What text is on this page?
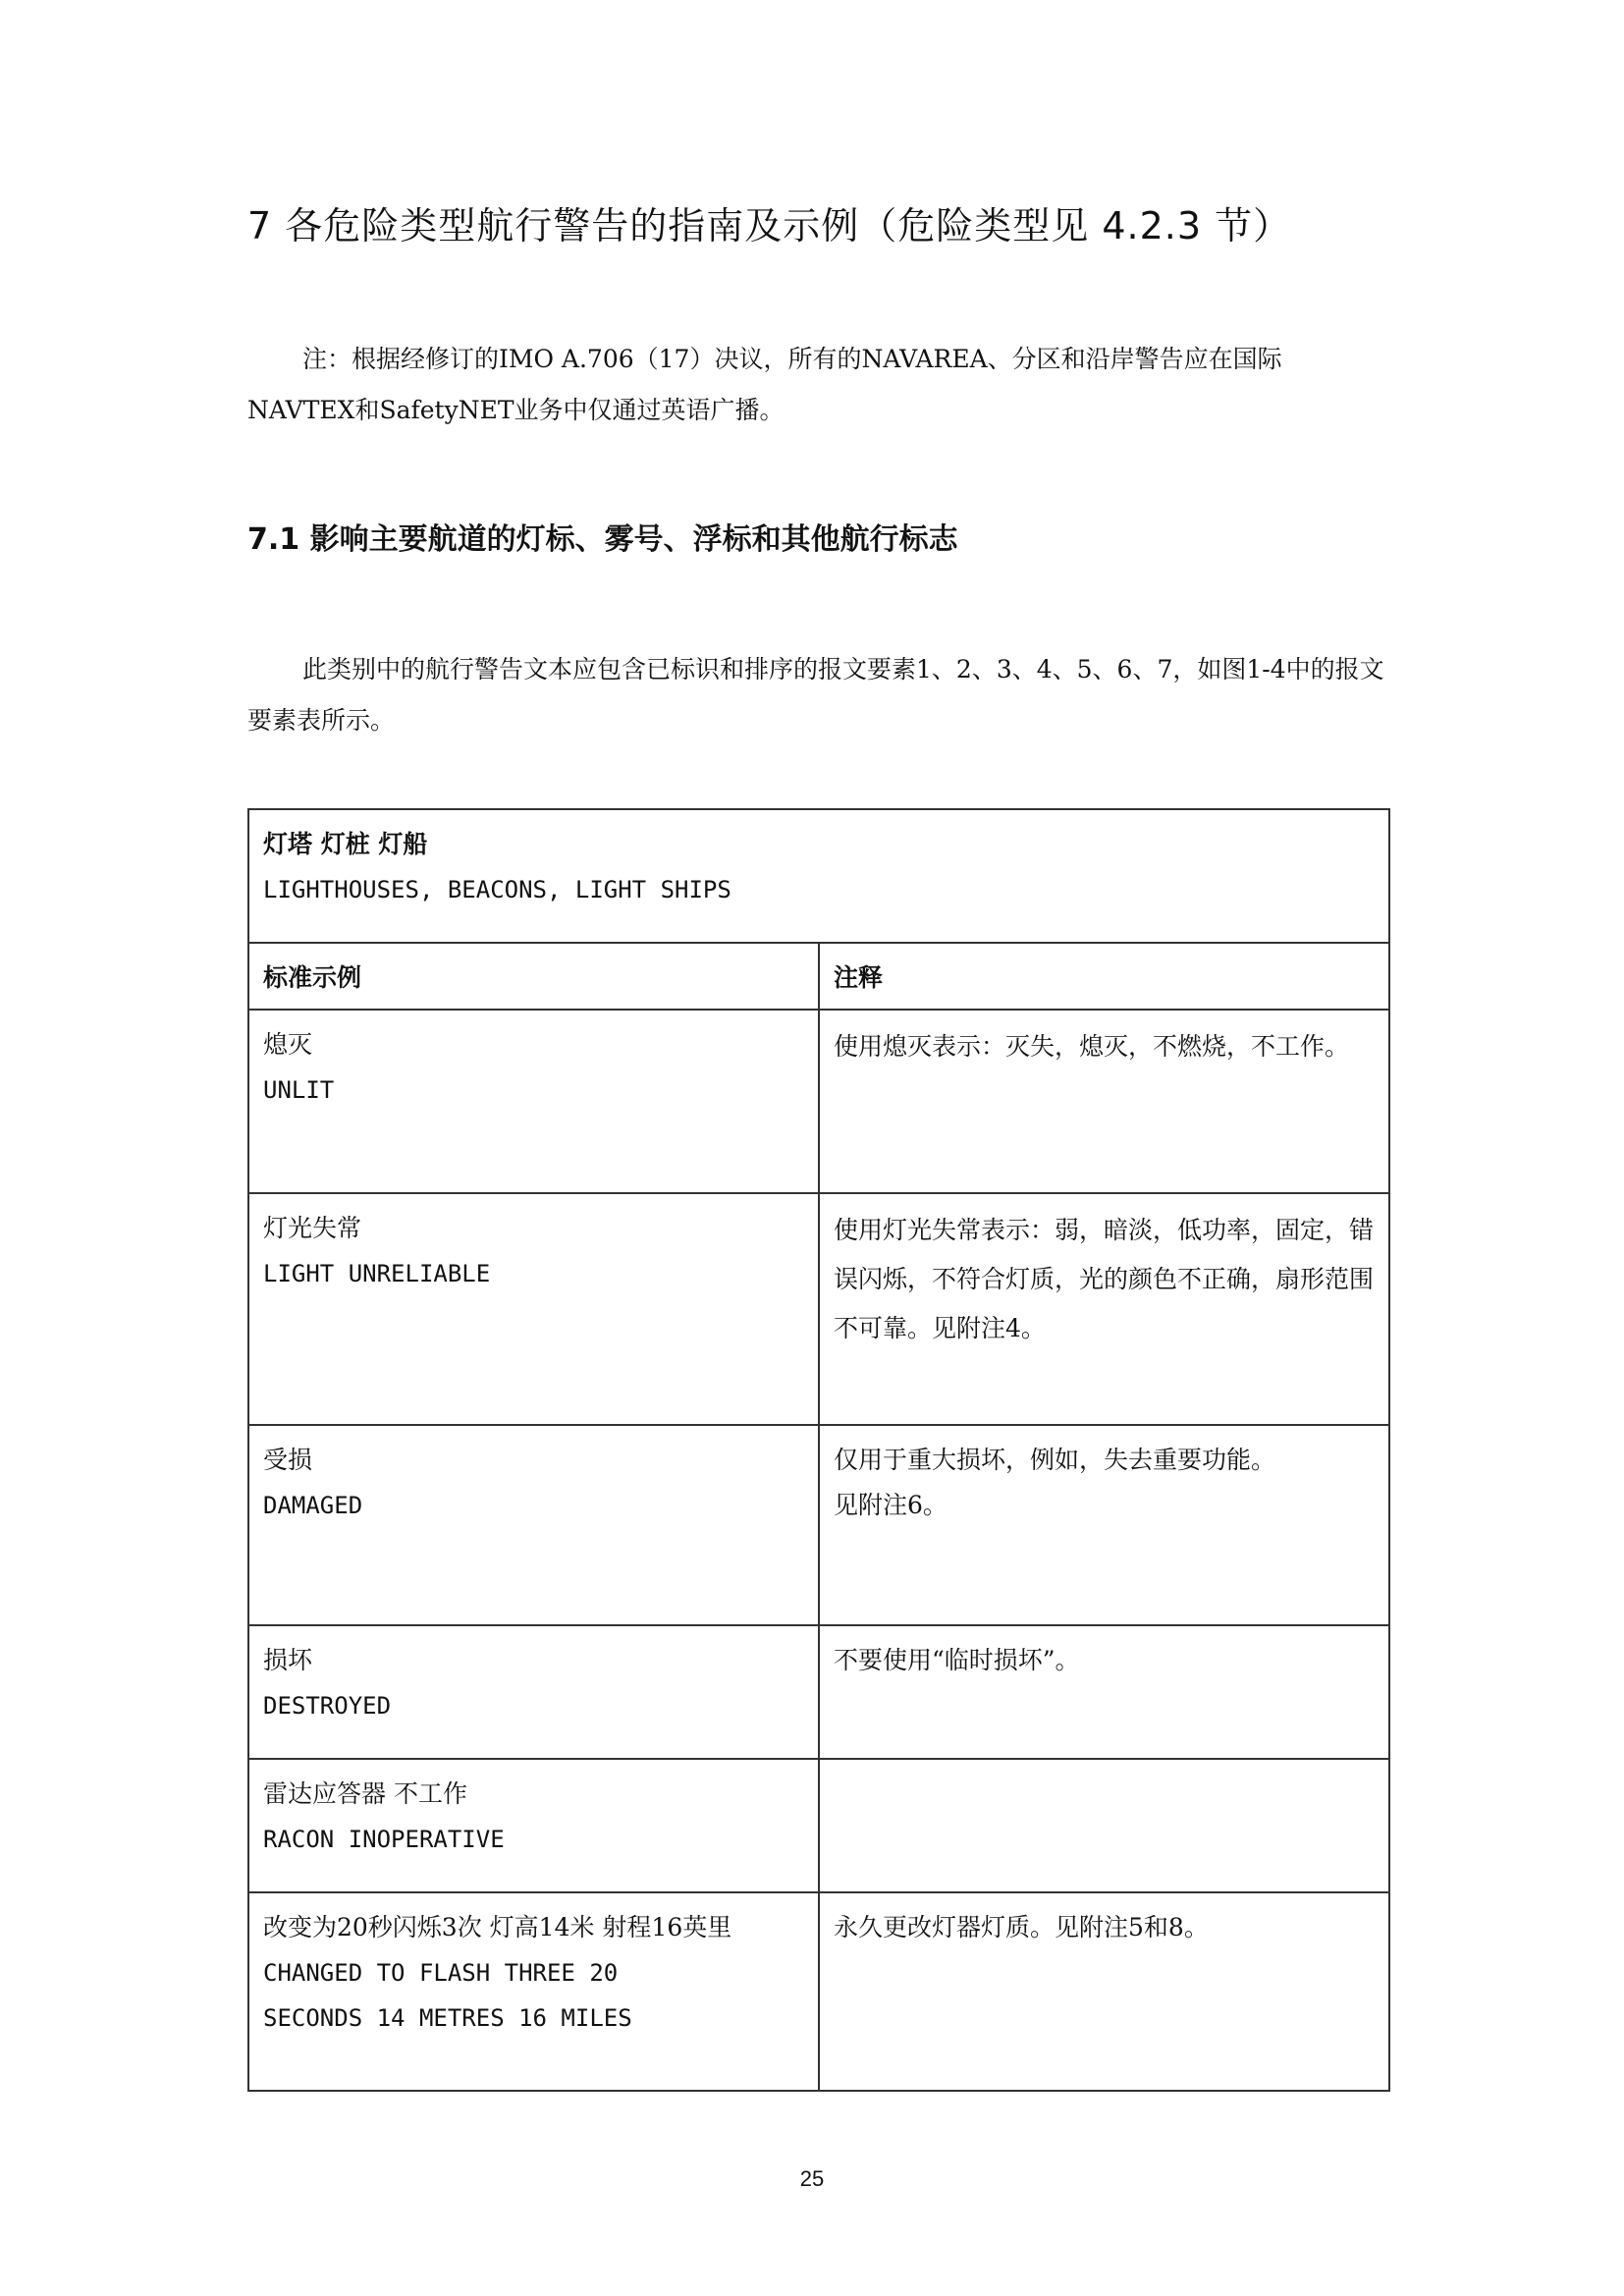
7 各危险类型航行警告的指南及示例（危险类型见 4.2.3 节）

注：根据经修订的IMO A.706（17）决议，所有的NAVAREA、分区和沿岸警告应在国际NAVTEX和SafetyNET业务中仅通过英语广播。

7.1 影响主要航道的灯标、雾号、浮标和其他航行标志

此类别中的航行警告文本应包含已标识和排序的报文要素1、2、3、4、5、6、7，如图1-4中的报文要素表所示。

灯塔 灯桩 灯船
LIGHTHOUSES, BEACONS, LIGHT SHIPS	

标准示例	注释

熄灭
UNLIT	使用熄灭表示：灭失，熄灭，不燃烧，不工作。

灯光失常
LIGHT UNRELIABLE	使用灯光失常表示：弱，暗淡，低功率，固定，错误闪烁，不符合灯质，光的颜色不正确，扇形范围不可靠。见附注4。

受损
DAMAGED	仅用于重大损坏，例如，失去重要功能。
见附注6。

损坏
DESTROYED	不要使用“临时损坏”。

雷达应答器 不工作
RACON INOPERATIVE	

改变为20秒闪烁3次 灯高14米 射程16英里
CHANGED TO FLASH THREE 20
SECONDS 14 METRES 16 MILES	永久更改灯器灯质。见附注5和8。
25
